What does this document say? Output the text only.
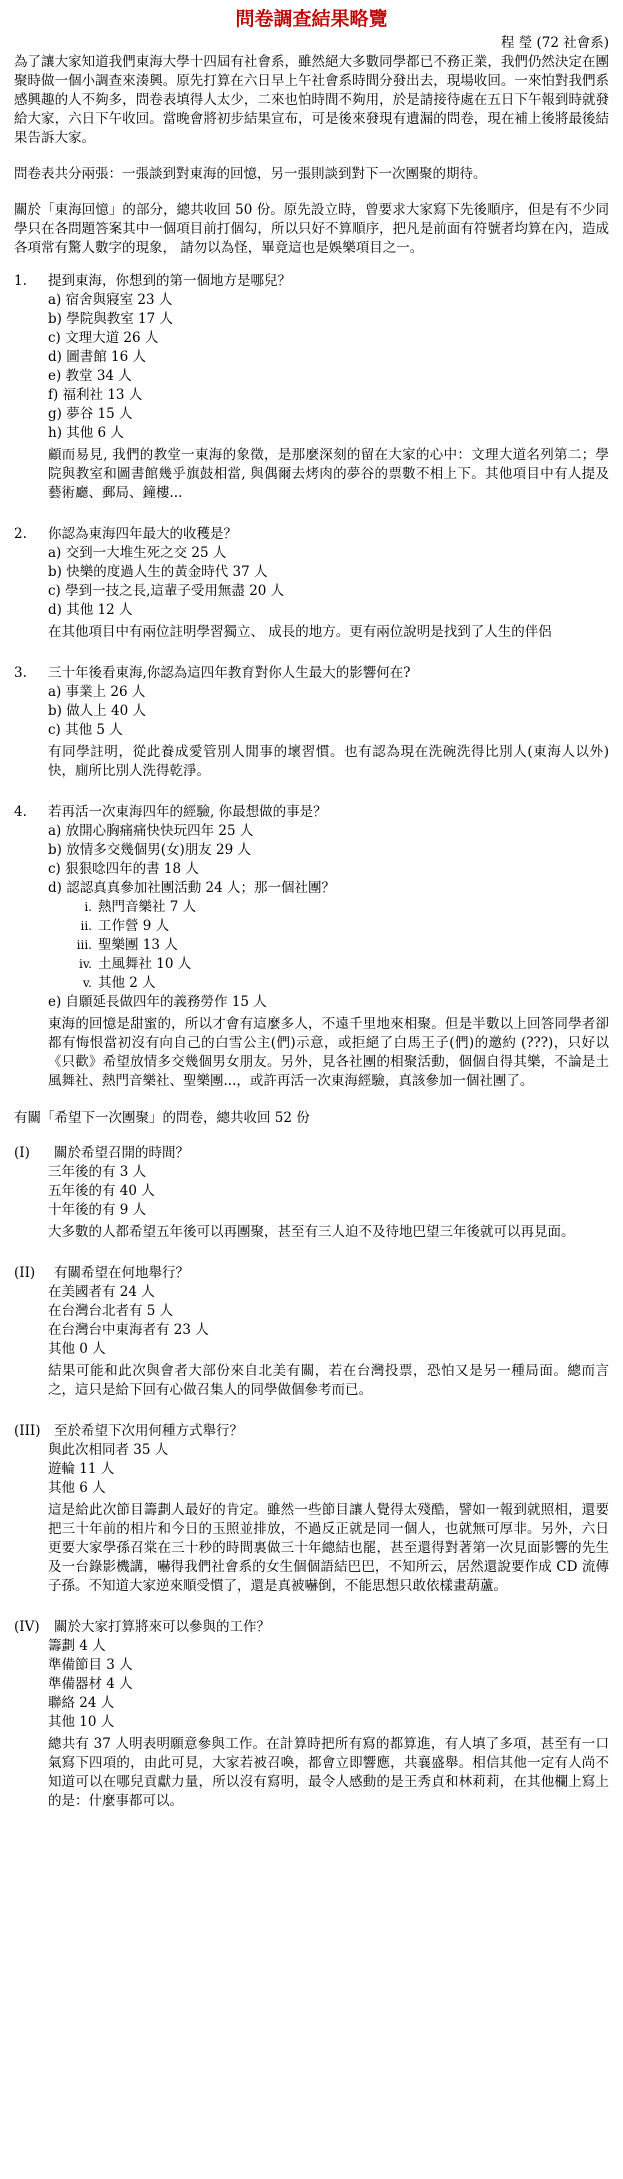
問卷調查結果略覽
程 瑩 (72 社會系)
為了讓大家知道我們東海大學十四屆有社會系，雖然絕大多數同學都已不務正業，我們仍然決定在團聚時做一個小調查來湊興。原先打算在六日早上午社會系時間分發出去，現場收回。一來怕對我們系感興趣的人不夠多，問卷表填得人太少，二來也怕時間不夠用，於是請接待處在五日下午報到時就發給大家，六日下午收回。當晚會將初步結果宣布，可是後來發現有遺漏的問卷，現在補上後將最後結果告訴大家。
問卷表共分兩張：一張談到對東海的回憶，另一張則談到對下一次團聚的期待。
關於「東海回憶」的部分，總共收回 50 份。原先設立時，曾要求大家寫下先後順序，但是有不少同學只在各問題答案其中一個項目前打個勾，所以只好不算順序，把凡是前面有符號者均算在內，造成各項常有驚人數字的現象， 請勿以為怪，畢竟這也是娛樂項目之一。
1.	提到東海，你想到的第一個地方是哪兒？
a) 宿舍與寢室 23 人
b) 學院與教室 17 人
c) 文理大道 26 人
d) 圖書館 16 人
e) 教堂 34 人
f) 福利社 13 人
g) 夢谷 15 人
h) 其他 6 人
顧而易見, 我們的教堂一東海的象徵，是那麼深刻的留在大家的心中：文理大道名列第二；學院與教室和圖書館幾乎旗鼓相當, 與偶爾去烤肉的夢谷的票數不相上下。其他項目中有人提及藝術廳、郵局、鐘樓...
2.	你認為東海四年最大的收穫是？
a) 交到一大堆生死之交 25 人
b) 快樂的度過人生的黃金時代 37 人
c) 學到一技之長,這輩子受用無盡 20 人
d) 其他 12 人
在其他項目中有兩位註明學習獨立、 成長的地方。更有兩位說明是找到了人生的伴侶
3.	三十年後看東海,你認為這四年教育對你人生最大的影響何在?
a) 事業上 26 人
b) 做人上 40 人
c) 其他 5 人
有同學註明，從此養成愛管別人閒事的壞習慣。也有認為現在洗碗洗得比別人(東海人以外)快，廁所比別人洗得乾淨。
4.	若再活一次東海四年的經驗, 你最想做的事是？
a) 放開心胸痛痛快快玩四年 25 人
b) 放情多交幾個男(女)朋友 29 人
c) 狠狠唸四年的書 18 人
d) 認認真真參加社團活動 24 人；那一個社團？
i. 熱門音樂社 7 人
ii. 工作營 9 人
iii. 聖樂團 13 人
iv. 土風舞社 10 人
v. 其他 2 人
e) 自願延長做四年的義務勞作 15 人
東海的回憶是甜蜜的，所以才會有這麼多人，不遠千里地來相聚。但是半數以上回答同學者卻都有悔恨當初沒有向自己的白雪公主(們)示意，或拒絕了白馬王子(們)的邀約 (???)，只好以《只歡》希望放情多交幾個男女朋友。另外，見各社團的相聚活動，個個自得其樂，不論是土風舞社、熱門音樂社、聖樂團...，或許再活一次東海經驗，真該參加一個社團了。
有關「希望下一次團聚」的問卷，總共收回 52 份
(I)	關於希望召開的時間？
三年後的有 3 人
五年後的有 40 人
十年後的有 9 人
大多數的人都希望五年後可以再團聚，甚至有三人迫不及待地巴望三年後就可以再見面。
(II)	有關希望在何地舉行？
在美國者有 24 人
在台灣台北者有 5 人
在台灣台中東海者有 23 人
其他 0 人
結果可能和此次與會者大部份來自北美有關，若在台灣投票，恐怕又是另一種局面。總而言之，這只是給下回有心做召集人的同學做個參考而已。
(III) 至於希望下次用何種方式舉行？
與此次相同者 35 人
遊輪 11 人
其他 6 人
這是給此次節目籌劃人最好的肯定。雖然一些節目讓人覺得太殘酷，譬如一報到就照相，還要把三十年前的相片和今日的玉照並排放，不過反正就是同一個人，也就無可厚非。另外，六日更要大家學孫召棠在三十秒的時間裏做三十年總結也罷，甚至還得對著第一次見面影響的先生及一台錄影機講，嚇得我們社會系的女生個個語結巴巴，不知所云，居然還說要作成 CD 流傳子孫。不知道大家逆來順受慣了，還是真被嚇倒，不能思想只敢依樣畫葫蘆。
(IV)	關於大家打算將來可以參與的工作？
籌劃 4 人
準備節目 3 人
準備器材 4 人
聯絡 24 人
其他 10 人
總共有 37 人明表明願意參與工作。在計算時把所有寫的都算進，有人填了多項，甚至有一口氣寫下四項的，由此可見，大家若被召喚，都會立即響應，共襄盛舉。相信其他一定有人尚不知道可以在哪兒貢獻力量，所以沒有寫明，最令人感動的是王秀貞和林莉莉，在其他欄上寫上的是：什麼事都可以。
